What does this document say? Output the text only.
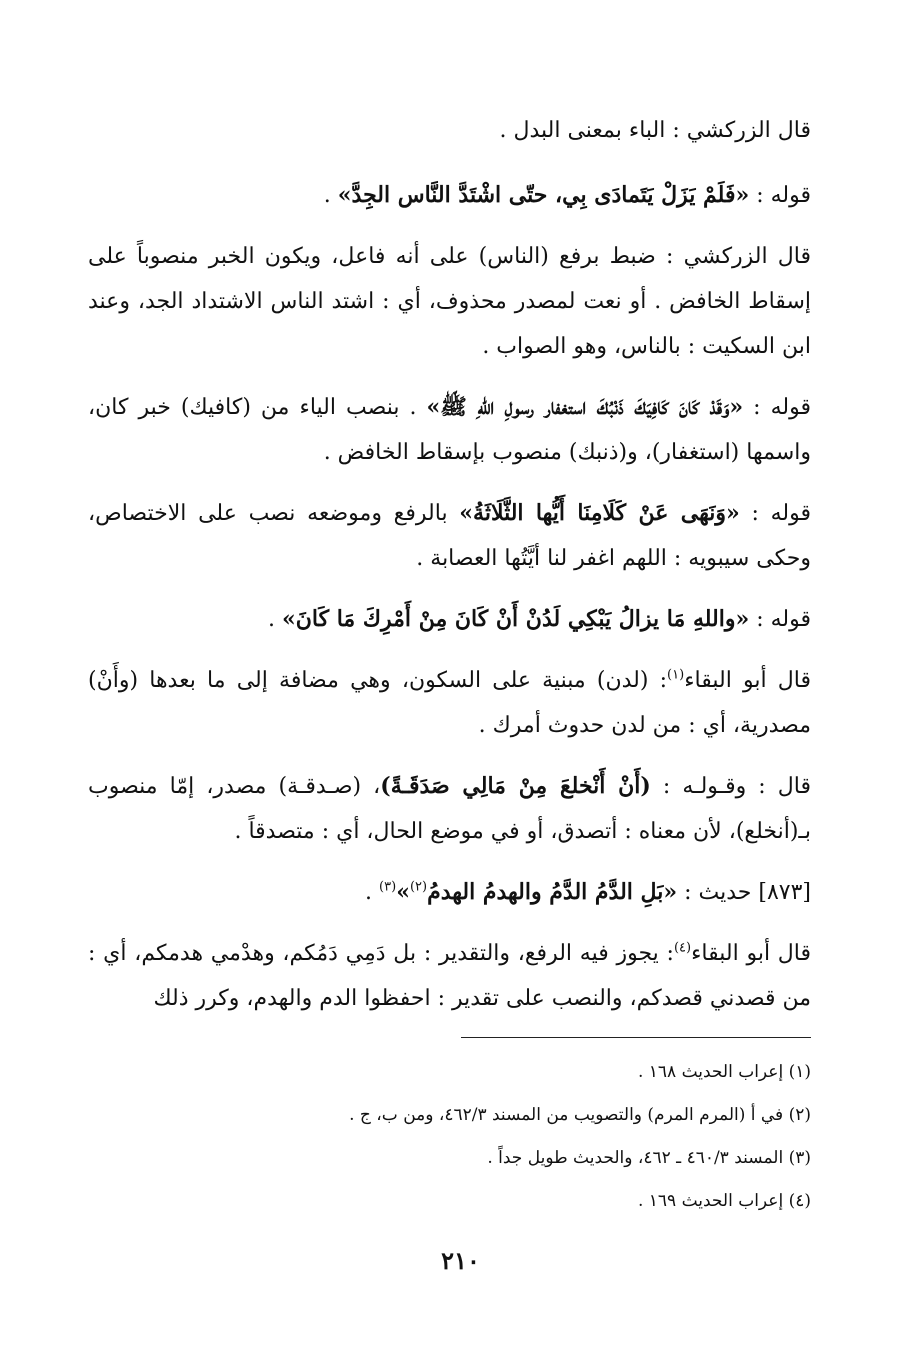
قال الزركشي : الباء بمعنى البدل .

قوله : «فَلَمْ يَزَلْ يَتَمادَى بِي، حتّى اشْتَدَّ النَّاس الجِدَّ» .

قال الزركشي : ضبط برفع (الناس) على أنه فاعل، ويكون الخبر منصوباً على إسقاط الخافض . أو نعت لمصدر محذوف، أي : اشتد الناس الاشتداد الجد، وعند ابن السكيت : بالناس، وهو الصواب .

قوله : «وَقَدْ كَانَ كَافِيَكَ ذَنْبُكَ استغفار رسولِ اللهِ ﷺ» . بنصب الياء من (كافيك) خبر كان، واسمها (استغفار)، و(ذنبك) منصوب بإسقاط الخافض .

قوله : «وَنَهَى عَنْ كَلَامِنَا أَيُّها الثَّلَاثَةُ» بالرفع وموضعه نصب على الاختصاص، وحكى سيبويه : اللهم اغفر لنا أيَّتُها العصابة .

قوله : «واللهِ مَا يزالُ يَبْكِي لَدُنْ أَنْ كَانَ مِنْ أَمْرِكَ مَا كَانَ» .

قال أبو البقاء$^{(١)}$: (لدن) مبنية على السكون، وهي مضافة إلى ما بعدها (وأَنْ) مصدرية، أي : من لدن حدوث أمرك .

قال : وقـولـه : (أَنْ أَنْخلعَ مِنْ مَالِي صَدَقَـةً)، (صـدقـة) مصدر، إمّا منصوب بـ(أنخلع)، لأن معناه : أتصدق، أو في موضع الحال، أي : متصدقاً .

[٨٧٣] حديث : «بَلِ الدَّمُ الدَّمُ والهدمُ الهدمُ$^{(٢)}$»$^{(٣)}$ .

قال أبو البقاء$^{(٤)}$: يجوز فيه الرفع، والتقدير : بل دَمِي دَمُكم، وهدْمي هدمكم، أي : من قصدني قصدكم، والنصب على تقدير : احفظوا الدم والهدم، وكرر ذلك

(١) إعراب الحديث ١٦٨ .

(٢) في أ (المرم المرم) والتصويب من المسند ٤٦٢/٣، ومن ب، ج .

(٣) المسند ٤٦٠/٣ ـ ٤٦٢، والحديث طويل جداً .

(٤) إعراب الحديث ١٦٩ .

٢١٠
